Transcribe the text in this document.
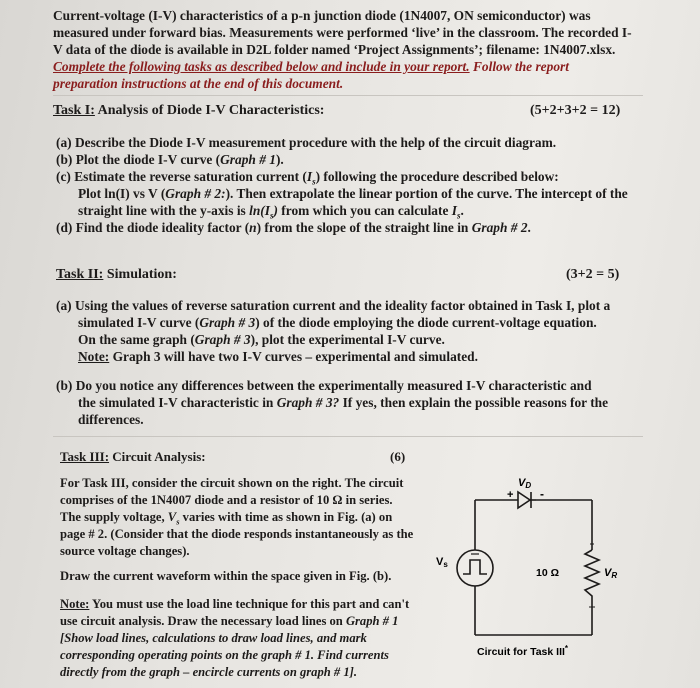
Current-voltage (I-V) characteristics of a p-n junction diode (1N4007, ON semiconductor) was
measured under forward bias. Measurements were performed ‘live’ in the classroom. The recorded I-
V data of the diode is available in D2L folder named ‘Project Assignments’; filename: 1N4007.xlsx.
Complete the following tasks as described below and include in your report. Follow the report
preparation instructions at the end of this document.
Task I: Analysis of Diode I-V Characteristics:	(5+2+3+2 = 12)
(a) Describe the Diode I-V measurement procedure with the help of the circuit diagram.
(b) Plot the diode I-V curve (Graph # 1).
(c) Estimate the reverse saturation current $(I_s)$ following the procedure described below:
Plot ln(I) vs V (Graph # 2:). Then extrapolate the linear portion of the curve. The intercept of the
straight line with the y-axis is $\ln(I_s)$ from which you can calculate $I_s$.
(d) Find the diode ideality factor (n) from the slope of the straight line in Graph # 2.
Task II: Simulation:	(3+2 = 5)
(a) Using the values of reverse saturation current and the ideality factor obtained in Task I, plot a
simulated I-V curve (Graph # 3) of the diode employing the diode current-voltage equation.
On the same graph (Graph # 3), plot the experimental I-V curve.
Note: Graph 3 will have two I-V curves – experimental and simulated.
(b) Do you notice any differences between the experimentally measured I-V characteristic and
the simulated I-V characteristic in Graph # 3? If yes, then explain the possible reasons for the
differences.
Task III: Circuit Analysis:	(6)
For Task III, consider the circuit shown on the right. The circuit
comprises of the 1N4007 diode and a resistor of 10 Ω in series.
The supply voltage, $V_s$ varies with time as shown in Fig. (a) on
page # 2. (Consider that the diode responds instantaneously as the
source voltage changes).
Draw the current waveform within the space given in Fig. (b).
Note: You must use the load line technique for this part and can't
use circuit analysis. Draw the necessary load lines on Graph # 1
[Show load lines, calculations to draw load lines, and mark
corresponding operating points on the graph # 1. Find currents
directly from the graph – encircle currents on graph # 1].
VD
+ -
Vs
10 Ω	VR
Circuit for Task III*
